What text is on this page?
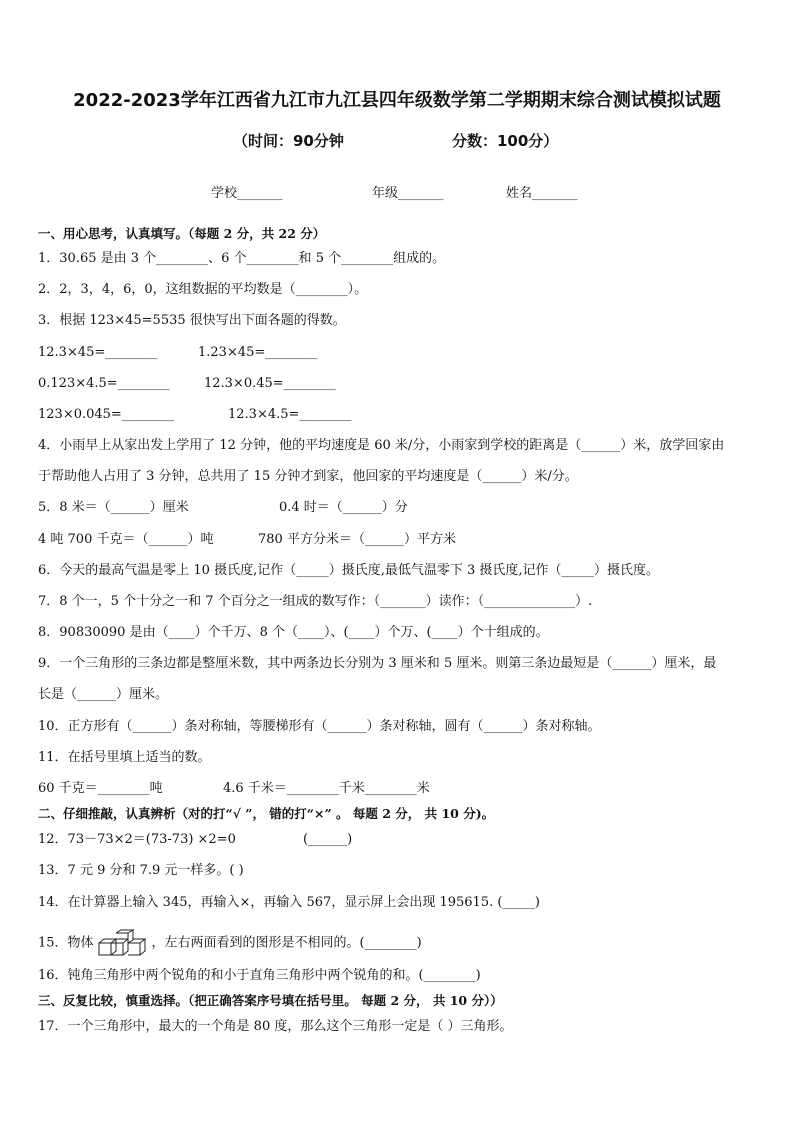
2022-2023学年江西省九江市九江县四年级数学第二学期期末综合测试模拟试题
（时间：90分钟	分数：100分）
学校_______	年级_______	姓名_______
一、用心思考，认真填写。（每题 2 分，共 22 分）
1．30.65 是由 3 个________、6 个________和 5 个________组成的。
2．2，3，4，6，0，这组数据的平均数是（________）。
3．根据 123×45=5535 很快写出下面各题的得数。
12.3×45=________	1.23×45=________
0.123×4.5=________	12.3×0.45=________
123×0.045=________	12.3×4.5=________
4．小雨早上从家出发上学用了 12 分钟，他的平均速度是 60 米/分，小雨家到学校的距离是（______）米，放学回家由
于帮助他人占用了 3 分钟，总共用了 15 分钟才到家，他回家的平均速度是（______）米/分。
5．8 米＝（______）厘米	0.4 时＝（______）分
4 吨 700 千克＝（______）吨	780 平方分米＝（______）平方米
6．今天的最高气温是零上 10 摄氏度,记作（_____）摄氏度,最低气温零下 3 摄氏度,记作（_____）摄氏度。
7．8 个一，5 个十分之一和 7 个百分之一组成的数写作：（_______）读作：（______________）.
8．90830090 是由（____）个千万、8 个（____）、(____）个万、(____）个十组成的。
9．一个三角形的三条边都是整厘米数，其中两条边长分别为 3 厘米和 5 厘米。则第三条边最短是（______）厘米，最
长是（______）厘米。
10．正方形有（______）条对称轴，等腰梯形有（______）条对称轴，圆有（______）条对称轴。
11．在括号里填上适当的数。
60 千克＝________吨	4.6 千米＝________千米________米
二、仔细推敲，认真辨析（对的打“√ ”， 错的打“×” 。 每题 2 分， 共 10 分)。
12．73－73×2＝(73-73) ×2=0	(______)
13．7 元 9 分和 7.9 元一样多。( )
14．在计算器上输入 345，再输入×，再输入 567，显示屏上会出现 195615. (_____)
15．物体	，左右两面看到的图形是不相同的。(________)
16．钝角三角形中两个锐角的和小于直角三角形中两个锐角的和。(________)
三、反复比较，慎重选择。（把正确答案序号填在括号里。 每题 2 分， 共 10 分））
17．一个三角形中，最大的一个角是 80 度，那么这个三角形一定是（ ）三角形。
